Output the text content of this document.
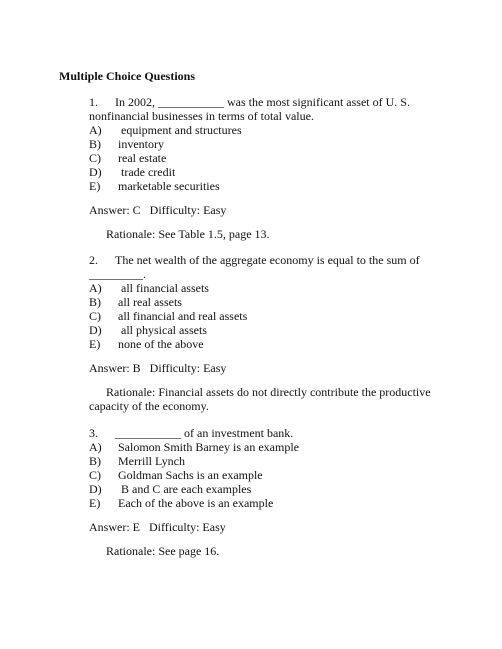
Multiple Choice Questions

1. In 2002, ___________ was the most significant asset of U. S. nonfinancial businesses in terms of total value.

A) equipment and structures
B) inventory
C) real estate
D) trade credit
E) marketable securities
Answer: C   Difficulty: Easy
Rationale: See Table 1.5, page 13.

2. The net wealth of the aggregate economy is equal to the sum of _________.

A) all financial assets
B) all real assets
C) all financial and real assets
D) all physical assets
E) none of the above
Answer: B   Difficulty: Easy
Rationale: Financial assets do not directly contribute the productive capacity of the economy.

3. ___________ of an investment bank.

A) Salomon Smith Barney is an example
B) Merrill Lynch
C) Goldman Sachs is an example
D) B and C are each examples
E) Each of the above is an example
Answer: E   Difficulty: Easy
Rationale: See page 16.
